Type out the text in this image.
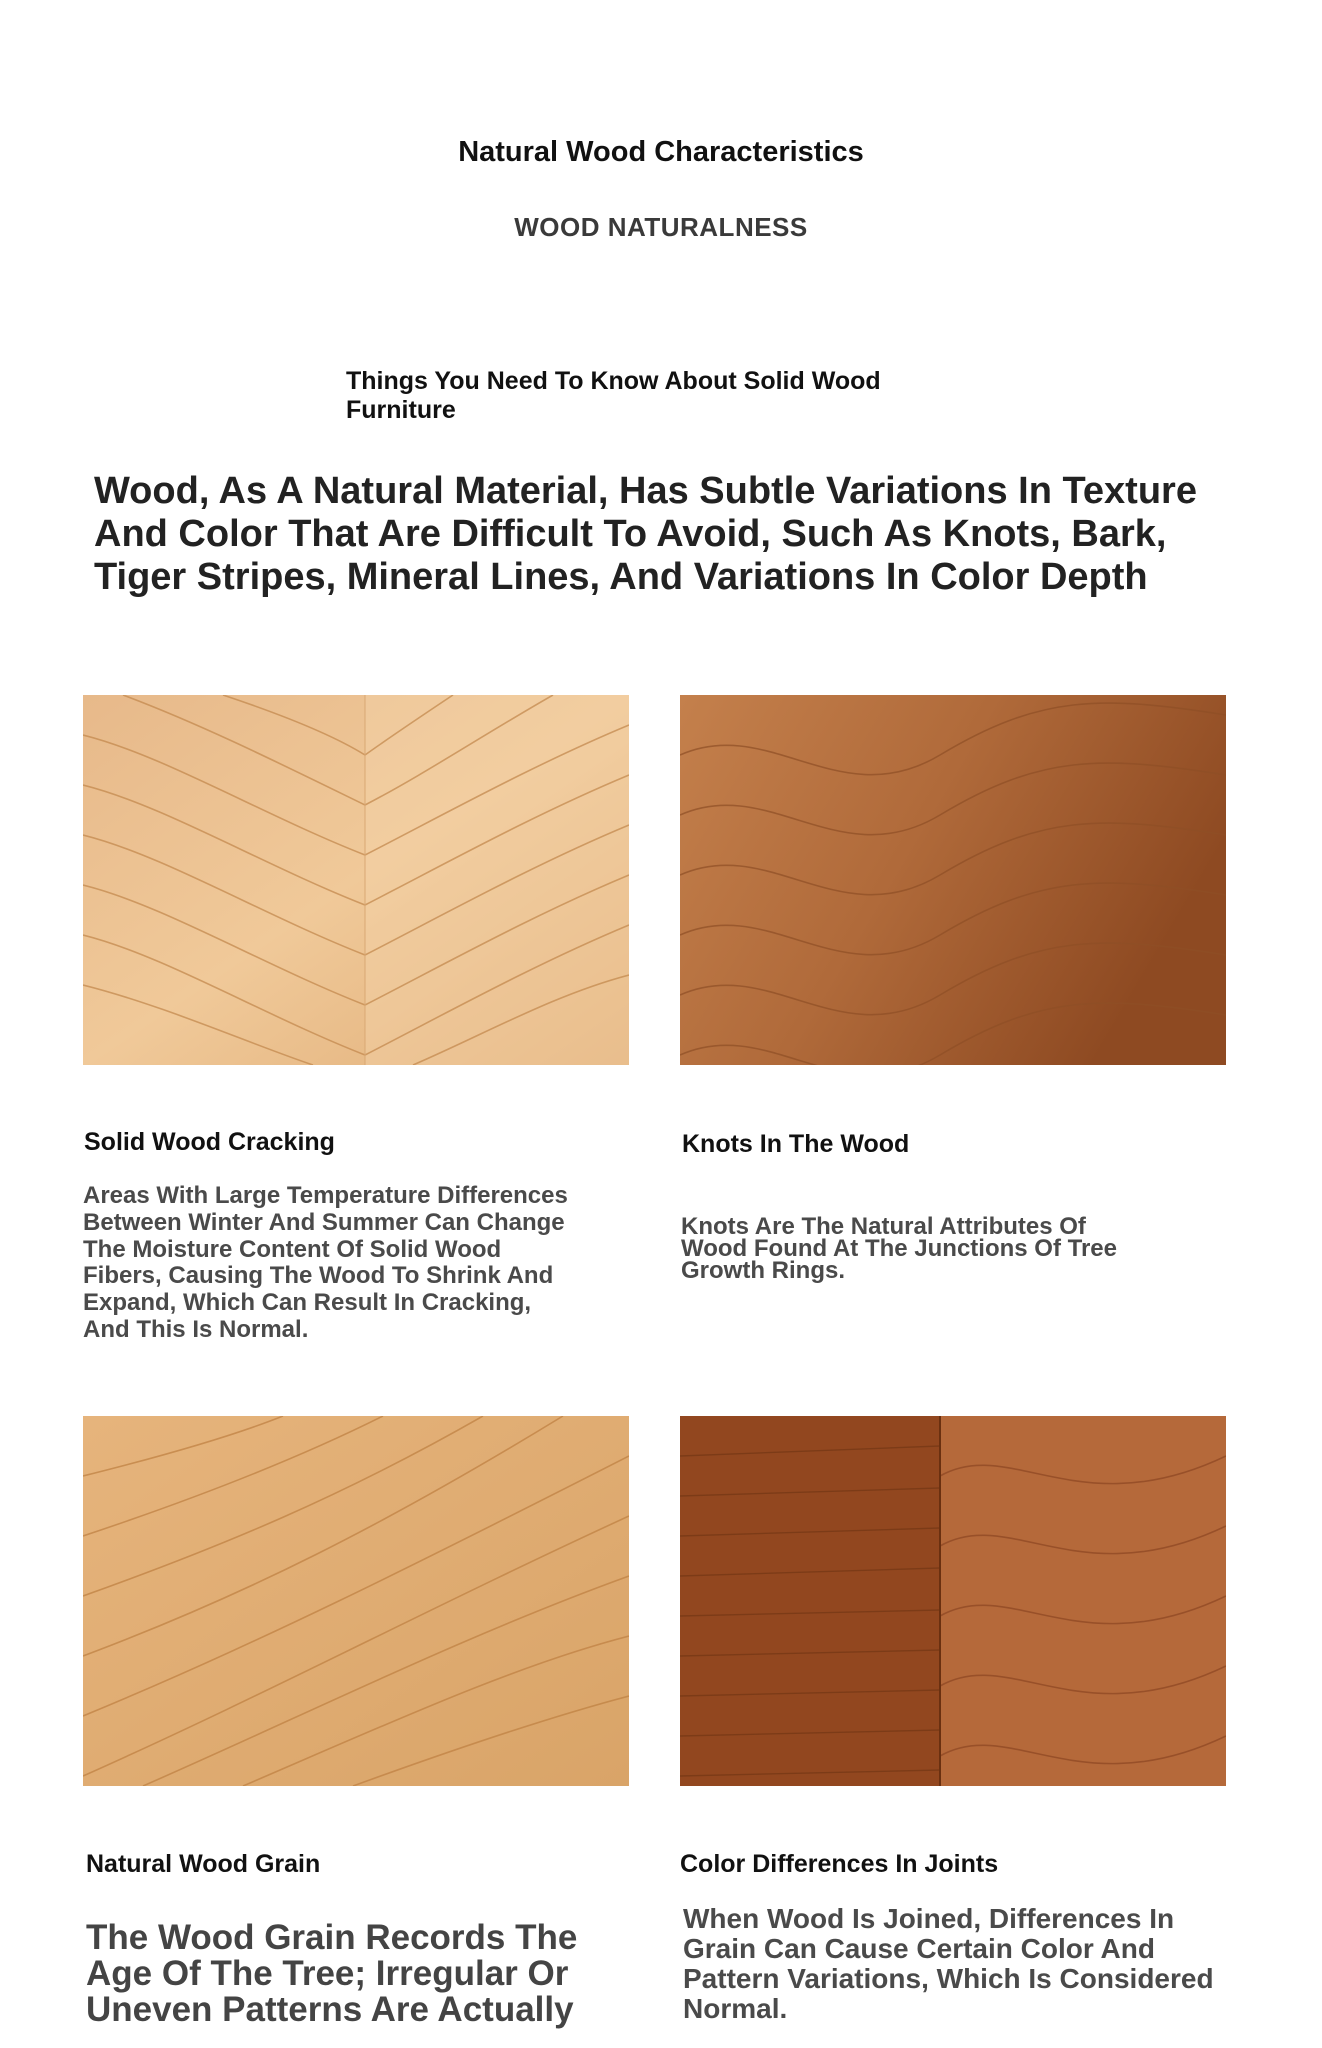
Natural Wood Characteristics
WOOD NATURALNESS
Things You Need To Know About Solid Wood Furniture
Wood, As A Natural Material, Has Subtle Variations In Texture And Color That Are Difficult To Avoid, Such As Knots, Bark, Tiger Stripes, Mineral Lines, And Variations In Color Depth
Solid Wood Cracking	Knots In The Wood
Areas With Large Temperature Differences Between Winter And Summer Can Change The Moisture Content Of Solid Wood Fibers, Causing The Wood To Shrink And Expand, Which Can Result In Cracking, And This Is Normal.
Knots Are The Natural Attributes Of Wood Found At The Junctions Of Tree Growth Rings.
Natural Wood Grain	Color Differences In Joints
The Wood Grain Records The Age Of The Tree; Irregular Or Uneven Patterns Are Actually
When Wood Is Joined, Differences In Grain Can Cause Certain Color And Pattern Variations, Which Is Considered Normal.
